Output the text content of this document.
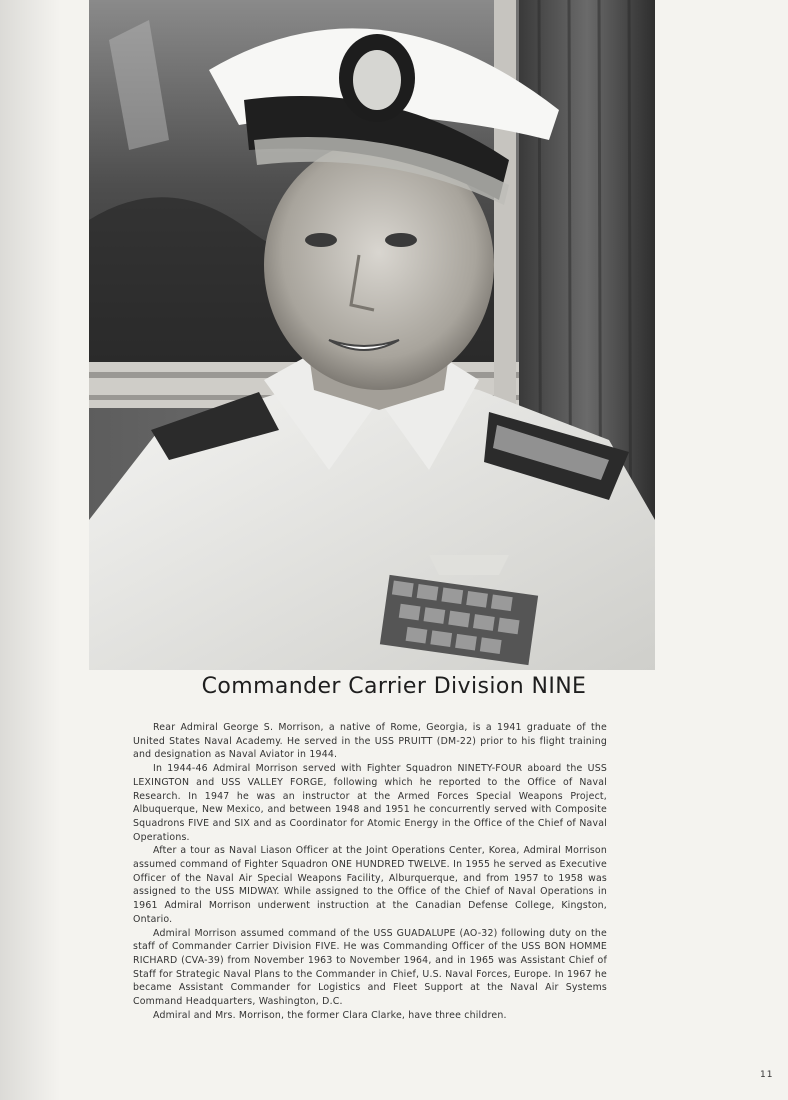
Commander Carrier Division NINE

Rear Admiral George S. Morrison, a native of Rome, Georgia, is a 1941 graduate of the United States Naval Academy. He served in the USS PRUITT (DM-22) prior to his flight training and designation as Naval Aviator in 1944.

In 1944-46 Admiral Morrison served with Fighter Squadron NINETY-FOUR aboard the USS LEXINGTON and USS VALLEY FORGE, following which he reported to the Office of Naval Research. In 1947 he was an instructor at the Armed Forces Special Weapons Project, Albuquerque, New Mexico, and between 1948 and 1951 he concurrently served with Composite Squadrons FIVE and SIX and as Coordinator for Atomic Energy in the Office of the Chief of Naval Operations.

After a tour as Naval Liason Officer at the Joint Operations Center, Korea, Admiral Morrison assumed command of Fighter Squadron ONE HUNDRED TWELVE. In 1955 he served as Executive Officer of the Naval Air Special Weapons Facility, Alburquerque, and from 1957 to 1958 was assigned to the USS MIDWAY. While assigned to the Office of the Chief of Naval Operations in 1961 Admiral Morrison underwent instruction at the Canadian Defense College, Kingston, Ontario.

Admiral Morrison assumed command of the USS GUADALUPE (AO-32) following duty on the staff of Commander Carrier Division FIVE. He was Commanding Officer of the USS BON HOMME RICHARD (CVA-39) from November 1963 to November 1964, and in 1965 was Assistant Chief of Staff for Strategic Naval Plans to the Commander in Chief, U.S. Naval Forces, Europe. In 1967 he became Assistant Commander for Logistics and Fleet Support at the Naval Air Systems Command Headquarters, Washington, D.C.

Admiral and Mrs. Morrison, the former Clara Clarke, have three children.

11
